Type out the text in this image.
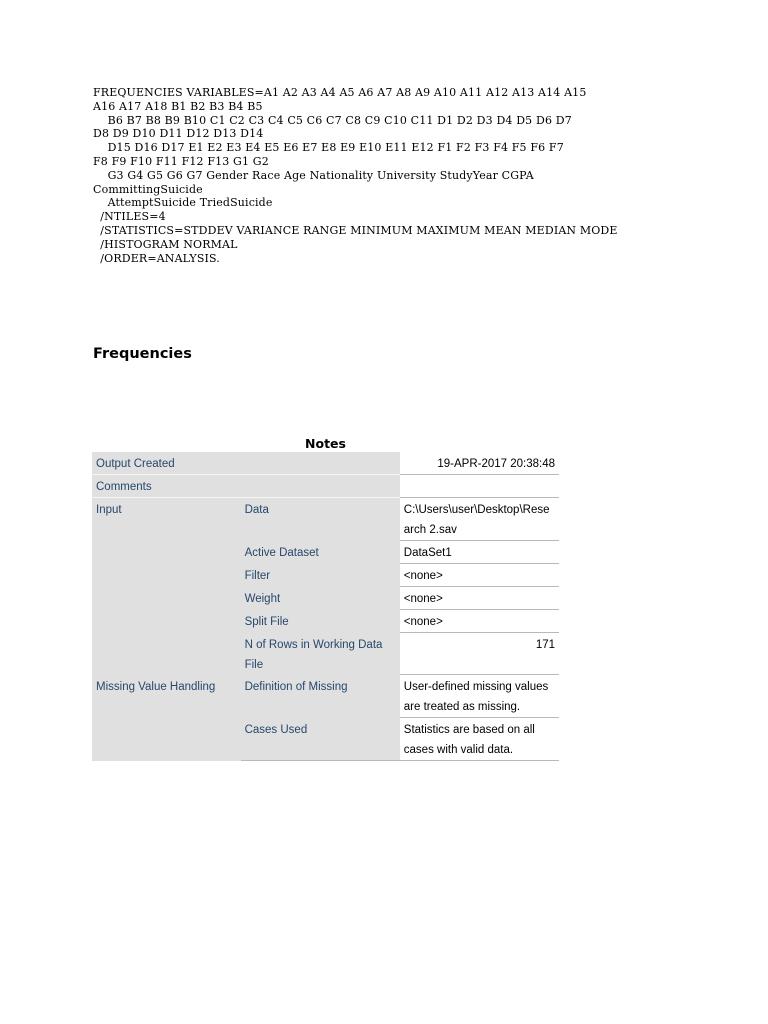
FREQUENCIES VARIABLES=A1 A2 A3 A4 A5 A6 A7 A8 A9 A10 A11 A12 A13 A14 A15
A16 A17 A18 B1 B2 B3 B4 B5
B6 B7 B8 B9 B10 C1 C2 C3 C4 C5 C6 C7 C8 C9 C10 C11 D1 D2 D3 D4 D5 D6 D7
D8 D9 D10 D11 D12 D13 D14
D15 D16 D17 E1 E2 E3 E4 E5 E6 E7 E8 E9 E10 E11 E12 F1 F2 F3 F4 F5 F6 F7
F8 F9 F10 F11 F12 F13 G1 G2
G3 G4 G5 G6 G7 Gender Race Age Nationality University StudyYear CGPA
CommittingSuicide
AttemptSuicide TriedSuicide
/NTILES=4
/STATISTICS=STDDEV VARIANCE RANGE MINIMUM MAXIMUM MEAN MEDIAN MODE
/HISTOGRAM NORMAL
/ORDER=ANALYSIS.
Frequencies
Notes
Output Created		19-APR-2017 20:38:48
Comments		
Input	Data	C:\Users\user\Desktop\Research 2.sav
	Active Dataset	DataSet1
	Filter	<none>
	Weight	<none>
	Split File	<none>
	N of Rows in Working Data File	171
Missing Value Handling	Definition of Missing	User-defined missing values are treated as missing.
	Cases Used	Statistics are based on all cases with valid data.
